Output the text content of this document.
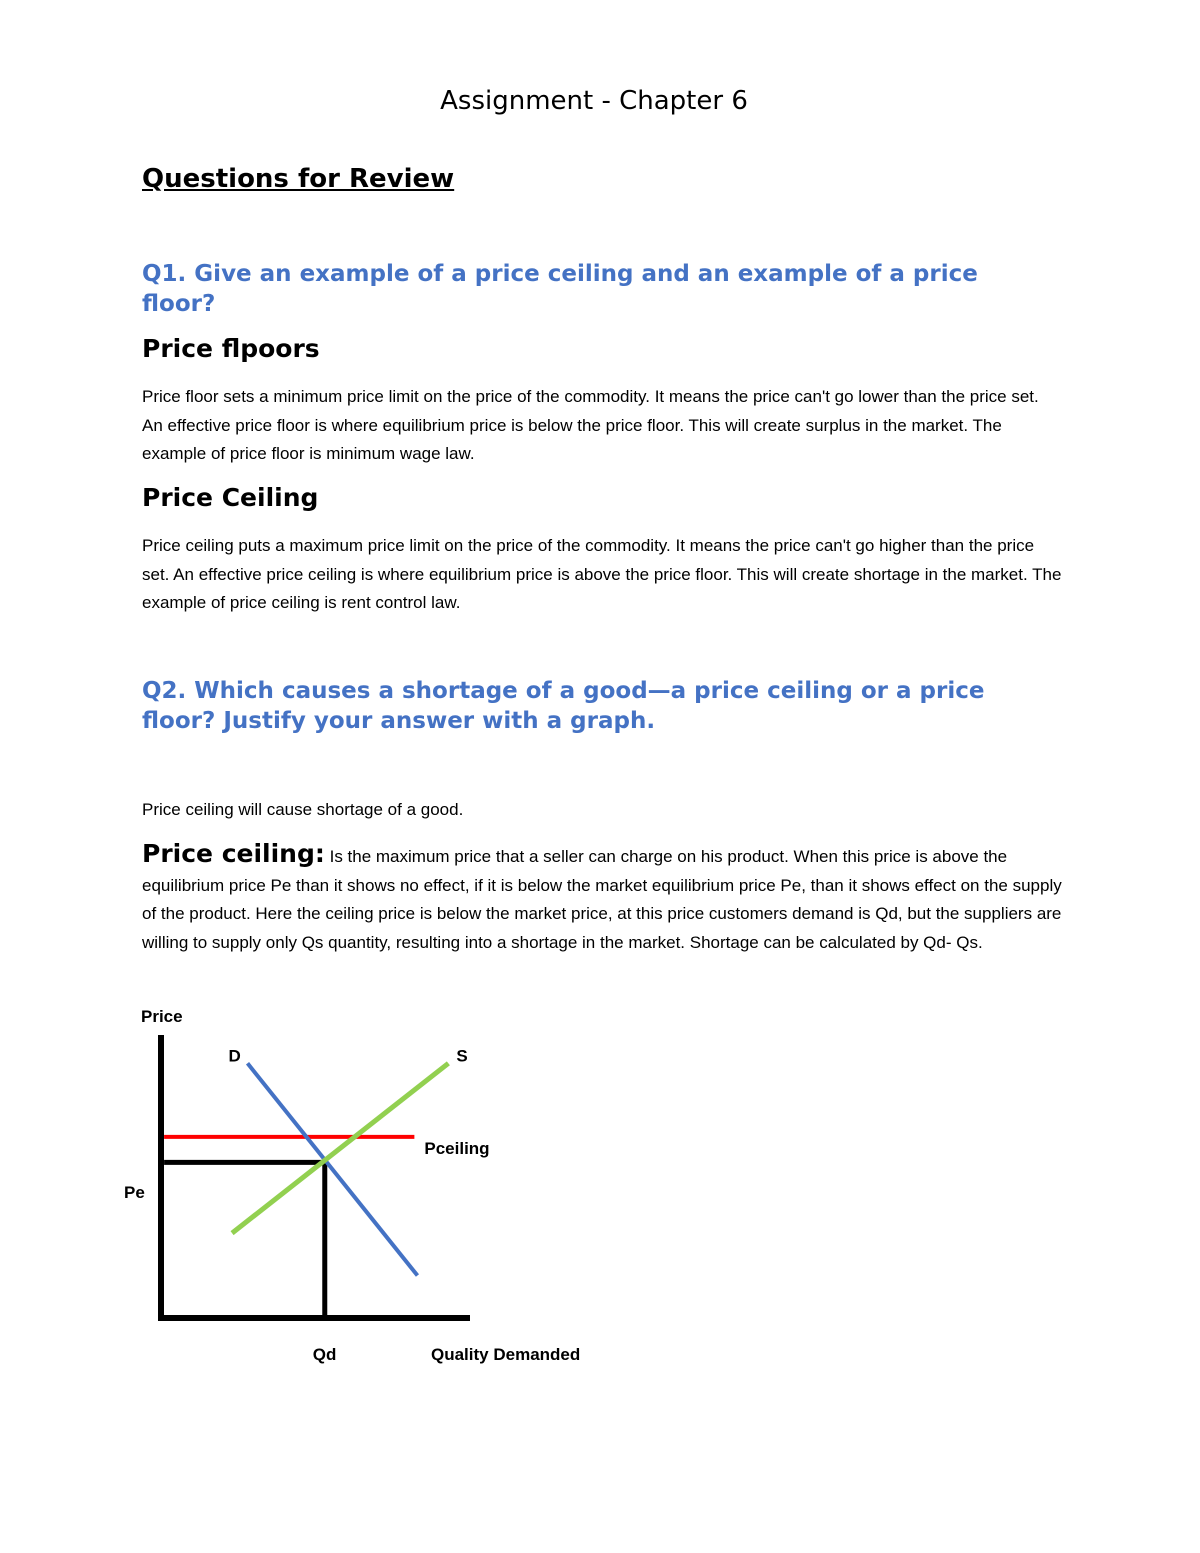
Assignment - Chapter 6
Questions for Review

Q1. Give an example of a price ceiling and an example of a price floor?

Price flpoors

Price floor sets a minimum price limit on the price of the commodity. It means the price can't go lower than the price set. An effective price floor is where equilibrium price is below the price floor. This will create surplus in the market. The example of price floor is minimum wage law.

Price Ceiling

Price ceiling puts a maximum price limit on the price of the commodity. It means the price can't go higher than the price set. An effective price ceiling is where equilibrium price is above the price floor. This will create shortage in the market. The example of price ceiling is rent control law.

Q2. Which causes a shortage of a good—a price ceiling or a price floor? Justify your answer with a graph.

Price ceiling will cause shortage of a good.

Price ceiling: Is the maximum price that a seller can charge on his product. When this price is above the equilibrium price Pe than it shows no effect, if it is below the market equilibrium price Pe, than it shows effect on the supply of the product. Here the ceiling price is below the market price, at this price customers demand is Qd, but the suppliers are willing to supply only Qs quantity, resulting into a shortage in the market. Shortage can be calculated by Qd- Qs.

Price
Quality Demanded
D	S
Pceiling
Pe
Qd
